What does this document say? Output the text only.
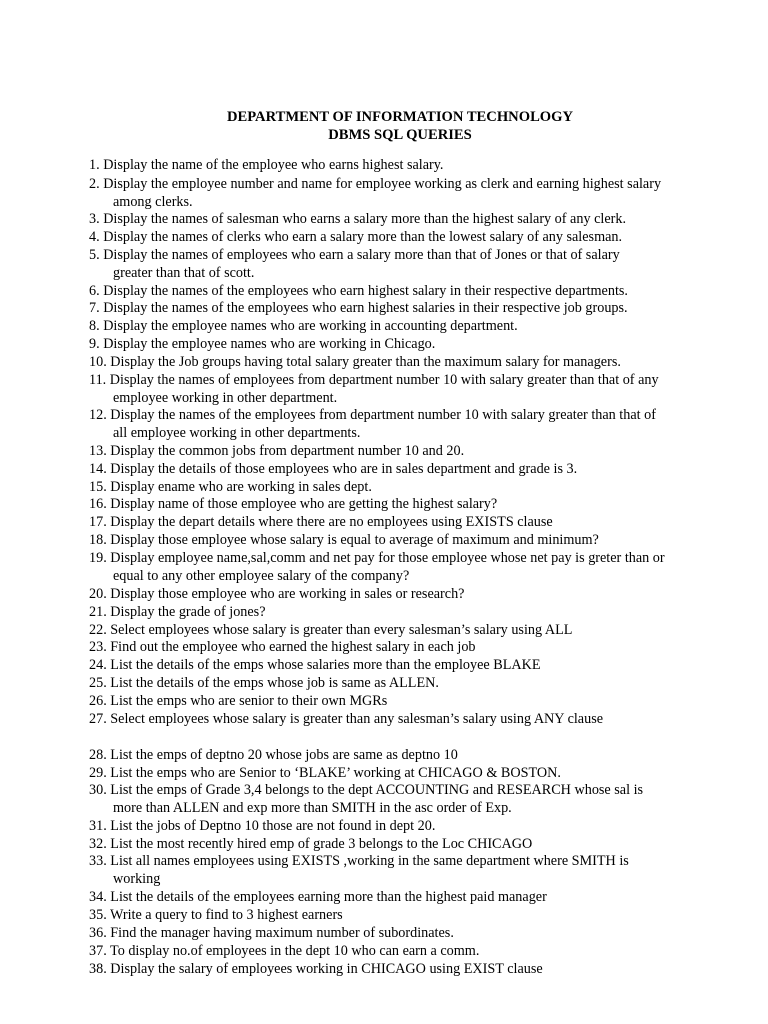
DEPARTMENT OF INFORMATION TECHNOLOGY
DBMS SQL QUERIES
1. Display the name of the employee who earns highest salary.
2. Display the employee number and name for employee working as clerk and earning highest salary
among clerks.
3. Display the names of salesman who earns a salary more than the highest salary of any clerk.
4. Display the names of clerks who earn a salary more than the lowest salary of any salesman.
5. Display the names of employees who earn a salary more than that of Jones or that of salary
greater than that of scott.
6. Display the names of the employees who earn highest salary in their respective departments.
7. Display the names of the employees who earn highest salaries in their respective job groups.
8. Display the employee names who are working in accounting department.
9. Display the employee names who are working in Chicago.
10. Display the Job groups having total salary greater than the maximum salary for managers.
11. Display the names of employees from department number 10 with salary greater than that of any
employee working in other department.
12. Display the names of the employees from department number 10 with salary greater than that of
all employee working in other departments.
13. Display the common jobs from department number 10 and 20.
14. Display the details of those employees who are in sales department and grade is 3.
15. Display ename who are working in sales dept.
16. Display name of those employee who are getting the highest salary?
17. Display the depart details where there are no employees using EXISTS clause
18. Display those employee whose salary is equal to average of maximum and minimum?
19. Display employee name,sal,comm and net pay for those employee whose net pay is greter than or
equal to any other employee salary of the company?
20. Display those employee who are working in sales or research?
21. Display the grade of jones?
22. Select employees whose salary is greater than every salesman’s salary using ALL
23. Find out the employee who earned the highest salary in each job
24. List the details of the emps whose salaries more than the employee BLAKE
25. List the details of the emps whose job is same as ALLEN.
26. List the emps who are senior to their own MGRs
27. Select employees whose salary is greater than any salesman’s salary using ANY clause
28. List the emps of deptno 20 whose jobs are same as deptno 10
29. List the emps who are Senior to ‘BLAKE’ working at CHICAGO & BOSTON.
30. List the emps of Grade 3,4 belongs to the dept ACCOUNTING and RESEARCH whose sal is
more than ALLEN and exp more than SMITH in the asc order of Exp.
31. List the jobs of Deptno 10 those are not found in dept 20.
32. List the most recently hired emp of grade 3 belongs to the Loc CHICAGO
33. List all names employees using EXISTS ,working in the same department where SMITH is
working
34. List the details of the employees earning more than the highest paid manager
35. Write a query to find to 3 highest earners
36. Find the manager having maximum number of subordinates.
37. To display no.of employees in the dept 10 who can earn a comm.
38. Display the salary of employees working in CHICAGO using EXIST clause
